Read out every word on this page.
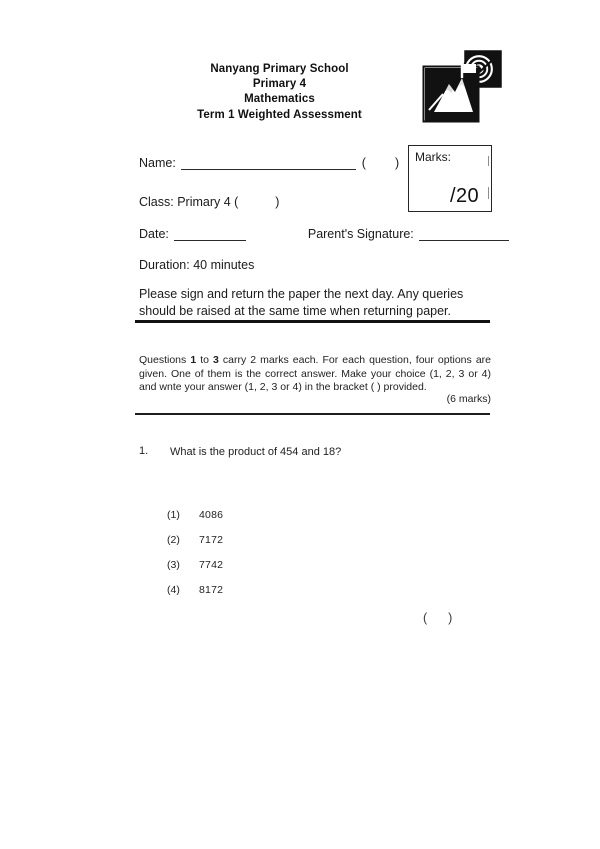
Nanyang Primary School
Primary 4
Mathematics
Term 1 Weighted Assessment
Marks:
/20
Name:	( )
Class: Primary 4 (	)
Date:	Parent's Signature:
Duration: 40 minutes
Please sign and return the paper the next day. Any queries should be raised at the same time when returning paper.
Questions 1 to 3 carry 2 marks each. For each question, four options are given. One of them is the correct answer. Make your choice (1, 2, 3 or 4) and wnte your answer (1, 2, 3 or 4) in the bracket ( ) provided.
(6 marks)
1. What is the product of 454 and 18?
(1)	4086
(2)	7172
(3)	7742
(4)	8172
( )
